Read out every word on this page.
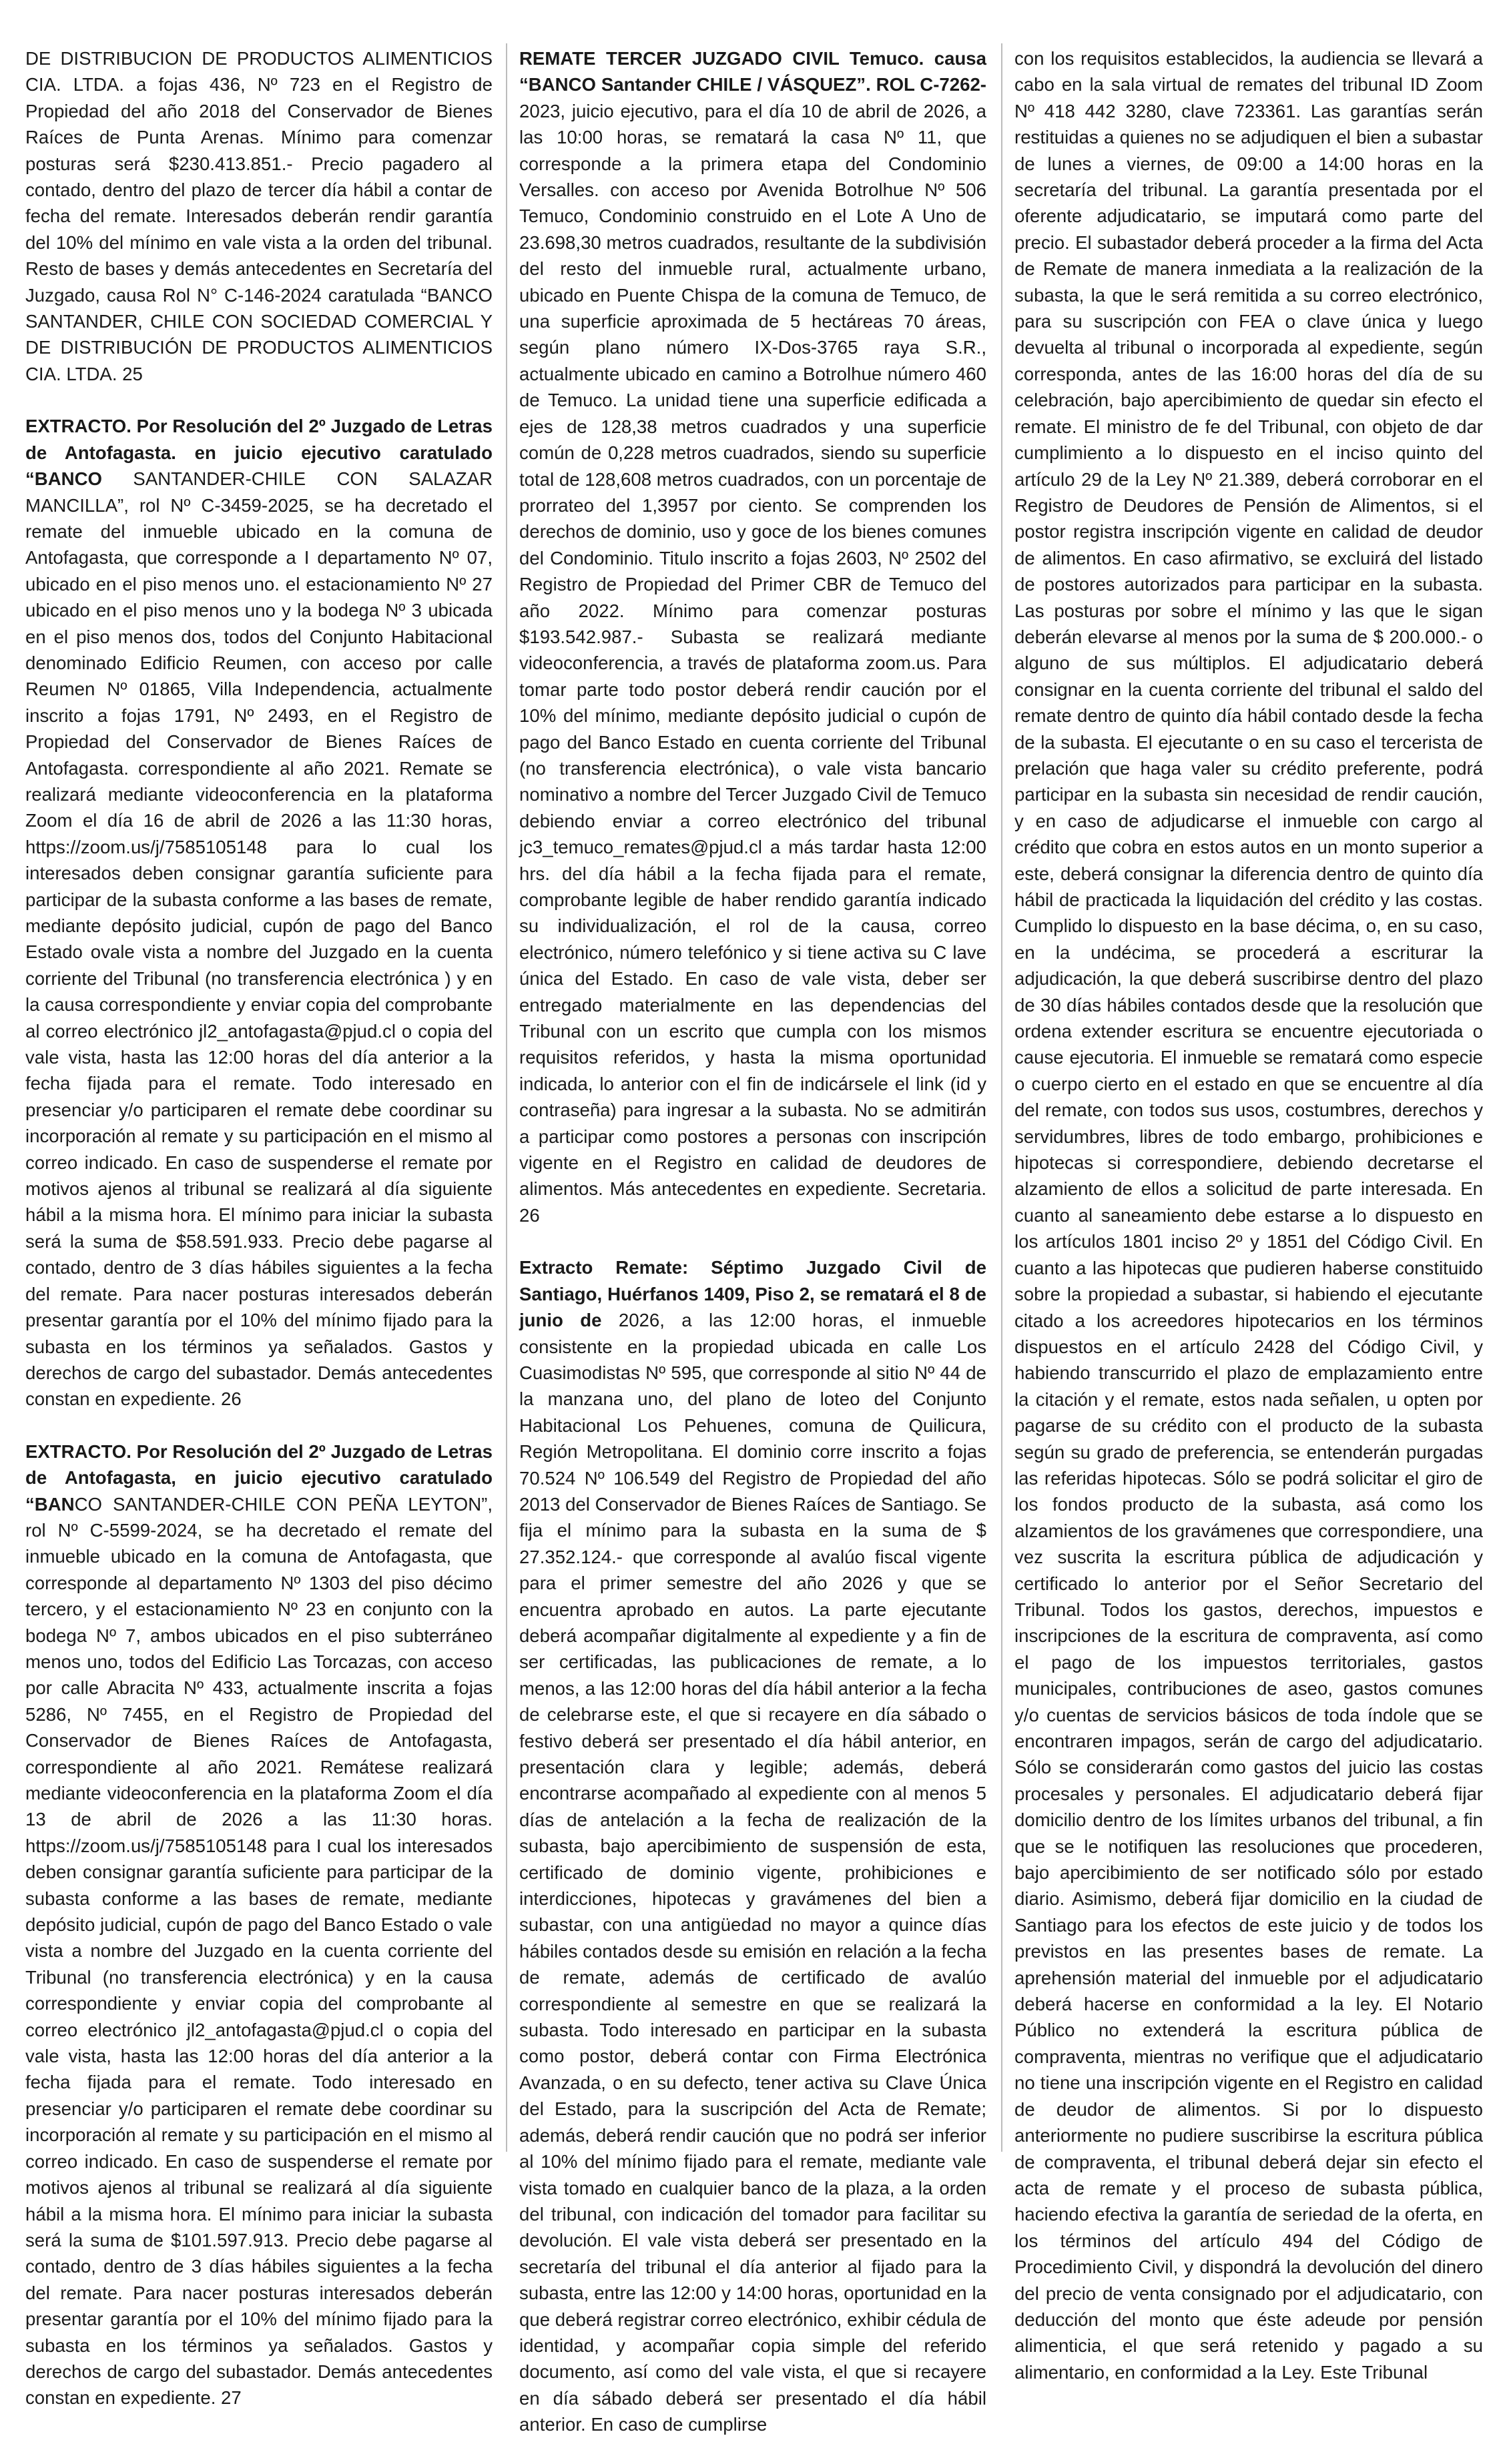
DE DISTRIBUCION DE PRODUCTOS ALIMENTICIOS CIA. LTDA. a fojas 436, Nº 723 en el Registro de Propiedad del año 2018 del Conservador de Bienes Raíces de Punta Arenas. Mínimo para comenzar posturas será $230.413.851.- Precio pagadero al contado, dentro del plazo de tercer día hábil a contar de fecha del remate. Interesados deberán rendir garantía del 10% del mínimo en vale vista a la orden del tribunal. Resto de bases y demás antecedentes en Secretaría del Juzgado, causa Rol N° C-146-2024 caratulada “BANCO SANTANDER, CHILE CON SOCIEDAD COMERCIAL Y DE DISTRIBUCIÓN DE PRODUCTOS ALIMENTICIOS CIA. LTDA. 25

EXTRACTO. Por Resolución del 2º Juzgado de Letras de Antofagasta. en juicio ejecutivo caratulado “BANCO SANTANDER-CHILE CON SALAZAR MANCILLA”, rol Nº C-3459-2025, se ha decretado el remate del inmueble ubicado en la comuna de Antofagasta, que corresponde a I departamento Nº 07, ubicado en el piso menos uno. el estacionamiento Nº 27 ubicado en el piso menos uno y la bodega Nº 3 ubicada en el piso menos dos, todos del Conjunto Habitacional denominado Edificio Reumen, con acceso por calle Reumen Nº 01865, Villa Independencia, actualmente inscrito a fojas 1791, Nº 2493, en el Registro de Propiedad del Conservador de Bienes Raíces de Antofagasta. correspondiente al año 2021. Remate se realizará mediante videoconferencia en la plataforma Zoom el día 16 de abril de 2026 a las 11:30 horas, https://zoom.us/j/7585105148 para lo cual los interesados deben consignar garantía suficiente para participar de la subasta conforme a las bases de remate, mediante depósito judicial, cupón de pago del Banco Estado ovale vista a nombre del Juzgado en la cuenta corriente del Tribunal (no transferencia electrónica ) y en la causa correspondiente y enviar copia del comprobante al correo electrónico jl2_antofagasta@pjud.cl o copia del vale vista, hasta las 12:00 horas del día anterior a la fecha fijada para el remate. Todo interesado en presenciar y/o participaren el remate debe coordinar su incorporación al remate y su participación en el mismo al correo indicado. En caso de suspenderse el remate por motivos ajenos al tribunal se realizará al día siguiente hábil a la misma hora. El mínimo para iniciar la subasta será la suma de $58.591.933. Precio debe pagarse al contado, dentro de 3 días hábiles siguientes a la fecha del remate. Para nacer posturas interesados deberán presentar garantía por el 10% del mínimo fijado para la subasta en los términos ya señalados. Gastos y derechos de cargo del subastador. Demás antecedentes constan en expediente. 26

EXTRACTO. Por Resolución del 2º Juzgado de Letras de Antofagasta, en juicio ejecutivo caratulado “BANCO SANTANDER-CHILE CON PEÑA LEYTON”, rol Nº C-5599-2024, se ha decretado el remate del inmueble ubicado en la comuna de Antofagasta, que corresponde al departamento Nº 1303 del piso décimo tercero, y el estacionamiento Nº 23 en conjunto con la bodega Nº 7, ambos ubicados en el piso subterráneo menos uno, todos del Edificio Las Torcazas, con acceso por calle Abracita Nº 433, actualmente inscrita a fojas 5286, Nº 7455, en el Registro de Propiedad del Conservador de Bienes Raíces de Antofagasta, correspondiente al año 2021. Remátese realizará mediante videoconferencia en la plataforma Zoom el día 13 de abril de 2026 a las 11:30 horas. https://zoom.us/j/7585105148 para I cual los interesados deben consignar garantía suficiente para participar de la subasta conforme a las bases de remate, mediante depósito judicial, cupón de pago del Banco Estado o vale vista a nombre del Juzgado en la cuenta corriente del Tribunal (no transferencia electrónica) y en la causa correspondiente y enviar copia del comprobante al correo electrónico jl2_antofagasta@pjud.cl o copia del vale vista, hasta las 12:00 horas del día anterior a la fecha fijada para el remate. Todo interesado en presenciar y/o participaren el remate debe coordinar su incorporación al remate y su participación en el mismo al correo indicado. En caso de suspenderse el remate por motivos ajenos al tribunal se realizará al día siguiente hábil a la misma hora. El mínimo para iniciar la subasta será la suma de $101.597.913. Precio debe pagarse al contado, dentro de 3 días hábiles siguientes a la fecha del remate. Para nacer posturas interesados deberán presentar garantía por el 10% del mínimo fijado para la subasta en los términos ya señalados. Gastos y derechos de cargo del subastador. Demás antecedentes constan en expediente. 27

REMATE TERCER JUZGADO CIVIL Temuco. causa “BANCO Santander CHILE / VÁSQUEZ”. ROL C-7262-2023, juicio ejecutivo, para el día 10 de abril de 2026, a las 10:00 horas, se rematará la casa Nº 11, que corresponde a la primera etapa del Condominio Versalles. con acceso por Avenida Botrolhue Nº 506 Temuco, Condominio construido en el Lote A Uno de 23.698,30 metros cuadrados, resultante de la subdivisión del resto del inmueble rural, actualmente urbano, ubicado en Puente Chispa de la comuna de Temuco, de una superficie aproximada de 5 hectáreas 70 áreas, según plano número IX-Dos-3765 raya S.R., actualmente ubicado en camino a Botrolhue número 460 de Temuco. La unidad tiene una superficie edificada a ejes de 128,38 metros cuadrados y una superficie común de 0,228 metros cuadrados, siendo su superficie total de 128,608 metros cuadrados, con un porcentaje de prorrateo del 1,3957 por ciento. Se comprenden los derechos de dominio, uso y goce de los bienes comunes del Condominio. Titulo inscrito a fojas 2603, Nº 2502 del Registro de Propiedad del Primer CBR de Temuco del año 2022. Mínimo para comenzar posturas $193.542.987.- Subasta se realizará mediante videoconferencia, a través de plataforma zoom.us. Para tomar parte todo postor deberá rendir caución por el 10% del mínimo, mediante depósito judicial o cupón de pago del Banco Estado en cuenta corriente del Tribunal (no transferencia electrónica), o vale vista bancario nominativo a nombre del Tercer Juzgado Civil de Temuco debiendo enviar a correo electrónico del tribunal jc3_temuco_remates@pjud.cl a más tardar hasta 12:00 hrs. del día hábil a la fecha fijada para el remate, comprobante legible de haber rendido garantía indicado su individualización, el rol de la causa, correo electrónico, número telefónico y si tiene activa su C lave única del Estado. En caso de vale vista, deber ser entregado materialmente en las dependencias del Tribunal con un escrito que cumpla con los mismos requisitos referidos, y hasta la misma oportunidad indicada, lo anterior con el fin de indicársele el link (id y contraseña) para ingresar a la subasta. No se admitirán a participar como postores a personas con inscripción vigente en el Registro en calidad de deudores de alimentos. Más antecedentes en expediente. Secretaria. 26

Extracto Remate: Séptimo Juzgado Civil de Santiago, Huérfanos 1409, Piso 2, se rematará el 8 de junio de 2026, a las 12:00 horas, el inmueble consistente en la propiedad ubicada en calle Los Cuasimodistas Nº 595, que corresponde al sitio Nº 44 de la manzana uno, del plano de loteo del Conjunto Habitacional Los Pehuenes, comuna de Quilicura, Región Metropolitana. El dominio corre inscrito a fojas 70.524 Nº 106.549 del Registro de Propiedad del año 2013 del Conservador de Bienes Raíces de Santiago. Se fija el mínimo para la subasta en la suma de $ 27.352.124.- que corresponde al avalúo fiscal vigente para el primer semestre del año 2026 y que se encuentra aprobado en autos. La parte ejecutante deberá acompañar digitalmente al expediente y a fin de ser certificadas, las publicaciones de remate, a lo menos, a las 12:00 horas del día hábil anterior a la fecha de celebrarse este, el que si recayere en día sábado o festivo deberá ser presentado el día hábil anterior, en presentación clara y legible; además, deberá encontrarse acompañado al expediente con al menos 5 días de antelación a la fecha de realización de la subasta, bajo apercibimiento de suspensión de esta, certificado de dominio vigente, prohibiciones e interdicciones, hipotecas y gravámenes del bien a subastar, con una antigüedad no mayor a quince días hábiles contados desde su emisión en relación a la fecha de remate, además de certificado de avalúo correspondiente al semestre en que se realizará la subasta. Todo interesado en participar en la subasta como postor, deberá contar con Firma Electrónica Avanzada, o en su defecto, tener activa su Clave Única del Estado, para la suscripción del Acta de Remate; además, deberá rendir caución que no podrá ser inferior al 10% del mínimo fijado para el remate, mediante vale vista tomado en cualquier banco de la plaza, a la orden del tribunal, con indicación del tomador para facilitar su devolución. El vale vista deberá ser presentado en la secretaría del tribunal el día anterior al fijado para la subasta, entre las 12:00 y 14:00 horas, oportunidad en la que deberá registrar correo electrónico, exhibir cédula de identidad, y acompañar copia simple del referido documento, así como del vale vista, el que si recayere en día sábado deberá ser presentado el día hábil anterior. En caso de cumplirse

con los requisitos establecidos, la audiencia se llevará a cabo en la sala virtual de remates del tribunal ID Zoom Nº 418 442 3280, clave 723361. Las garantías serán restituidas a quienes no se adjudiquen el bien a subastar de lunes a viernes, de 09:00 a 14:00 horas en la secretaría del tribunal. La garantía presentada por el oferente adjudicatario, se imputará como parte del precio. El subastador deberá proceder a la firma del Acta de Remate de manera inmediata a la realización de la subasta, la que le será remitida a su correo electrónico, para su suscripción con FEA o clave única y luego devuelta al tribunal o incorporada al expediente, según corresponda, antes de las 16:00 horas del día de su celebración, bajo apercibimiento de quedar sin efecto el remate. El ministro de fe del Tribunal, con objeto de dar cumplimiento a lo dispuesto en el inciso quinto del artículo 29 de la Ley Nº 21.389, deberá corroborar en el Registro de Deudores de Pensión de Alimentos, si el postor registra inscripción vigente en calidad de deudor de alimentos. En caso afirmativo, se excluirá del listado de postores autorizados para participar en la subasta. Las posturas por sobre el mínimo y las que le sigan deberán elevarse al menos por la suma de $ 200.000.- o alguno de sus múltiplos. El adjudicatario deberá consignar en la cuenta corriente del tribunal el saldo del remate dentro de quinto día hábil contado desde la fecha de la subasta. El ejecutante o en su caso el tercerista de prelación que haga valer su crédito preferente, podrá participar en la subasta sin necesidad de rendir caución, y en caso de adjudicarse el inmueble con cargo al crédito que cobra en estos autos en un monto superior a este, deberá consignar la diferencia dentro de quinto día hábil de practicada la liquidación del crédito y las costas. Cumplido lo dispuesto en la base décima, o, en su caso, en la undécima, se procederá a escriturar la adjudicación, la que deberá suscribirse dentro del plazo de 30 días hábiles contados desde que la resolución que ordena extender escritura se encuentre ejecutoriada o cause ejecutoria. El inmueble se rematará como especie o cuerpo cierto en el estado en que se encuentre al día del remate, con todos sus usos, costumbres, derechos y servidumbres, libres de todo embargo, prohibiciones e hipotecas si correspondiere, debiendo decretarse el alzamiento de ellos a solicitud de parte interesada. En cuanto al saneamiento debe estarse a lo dispuesto en los artículos 1801 inciso 2º y 1851 del Código Civil. En cuanto a las hipotecas que pudieren haberse constituido sobre la propiedad a subastar, si habiendo el ejecutante citado a los acreedores hipotecarios en los términos dispuestos en el artículo 2428 del Código Civil, y habiendo transcurrido el plazo de emplazamiento entre la citación y el remate, estos nada señalen, u opten por pagarse de su crédito con el producto de la subasta según su grado de preferencia, se entenderán purgadas las referidas hipotecas. Sólo se podrá solicitar el giro de los fondos producto de la subasta, asá como los alzamientos de los gravámenes que correspondiere, una vez suscrita la escritura pública de adjudicación y certificado lo anterior por el Señor Secretario del Tribunal. Todos los gastos, derechos, impuestos e inscripciones de la escritura de compraventa, así como el pago de los impuestos territoriales, gastos municipales, contribuciones de aseo, gastos comunes y/o cuentas de servicios básicos de toda índole que se encontraren impagos, serán de cargo del adjudicatario. Sólo se considerarán como gastos del juicio las costas procesales y personales. El adjudicatario deberá fijar domicilio dentro de los límites urbanos del tribunal, a fin que se le notifiquen las resoluciones que procederen, bajo apercibimiento de ser notificado sólo por estado diario. Asimismo, deberá fijar domicilio en la ciudad de Santiago para los efectos de este juicio y de todos los previstos en las presentes bases de remate. La aprehensión material del inmueble por el adjudicatario deberá hacerse en conformidad a la ley. El Notario Público no extenderá la escritura pública de compraventa, mientras no verifique que el adjudicatario no tiene una inscripción vigente en el Registro en calidad de deudor de alimentos. Si por lo dispuesto anteriormente no pudiere suscribirse la escritura pública de compraventa, el tribunal deberá dejar sin efecto el acta de remate y el proceso de subasta pública, haciendo efectiva la garantía de seriedad de la oferta, en los términos del artículo 494 del Código de Procedimiento Civil, y dispondrá la devolución del dinero del precio de venta consignado por el adjudicatario, con deducción del monto que éste adeude por pensión alimenticia, el que será retenido y pagado a su alimentario, en conformidad a la Ley. Este Tribunal
